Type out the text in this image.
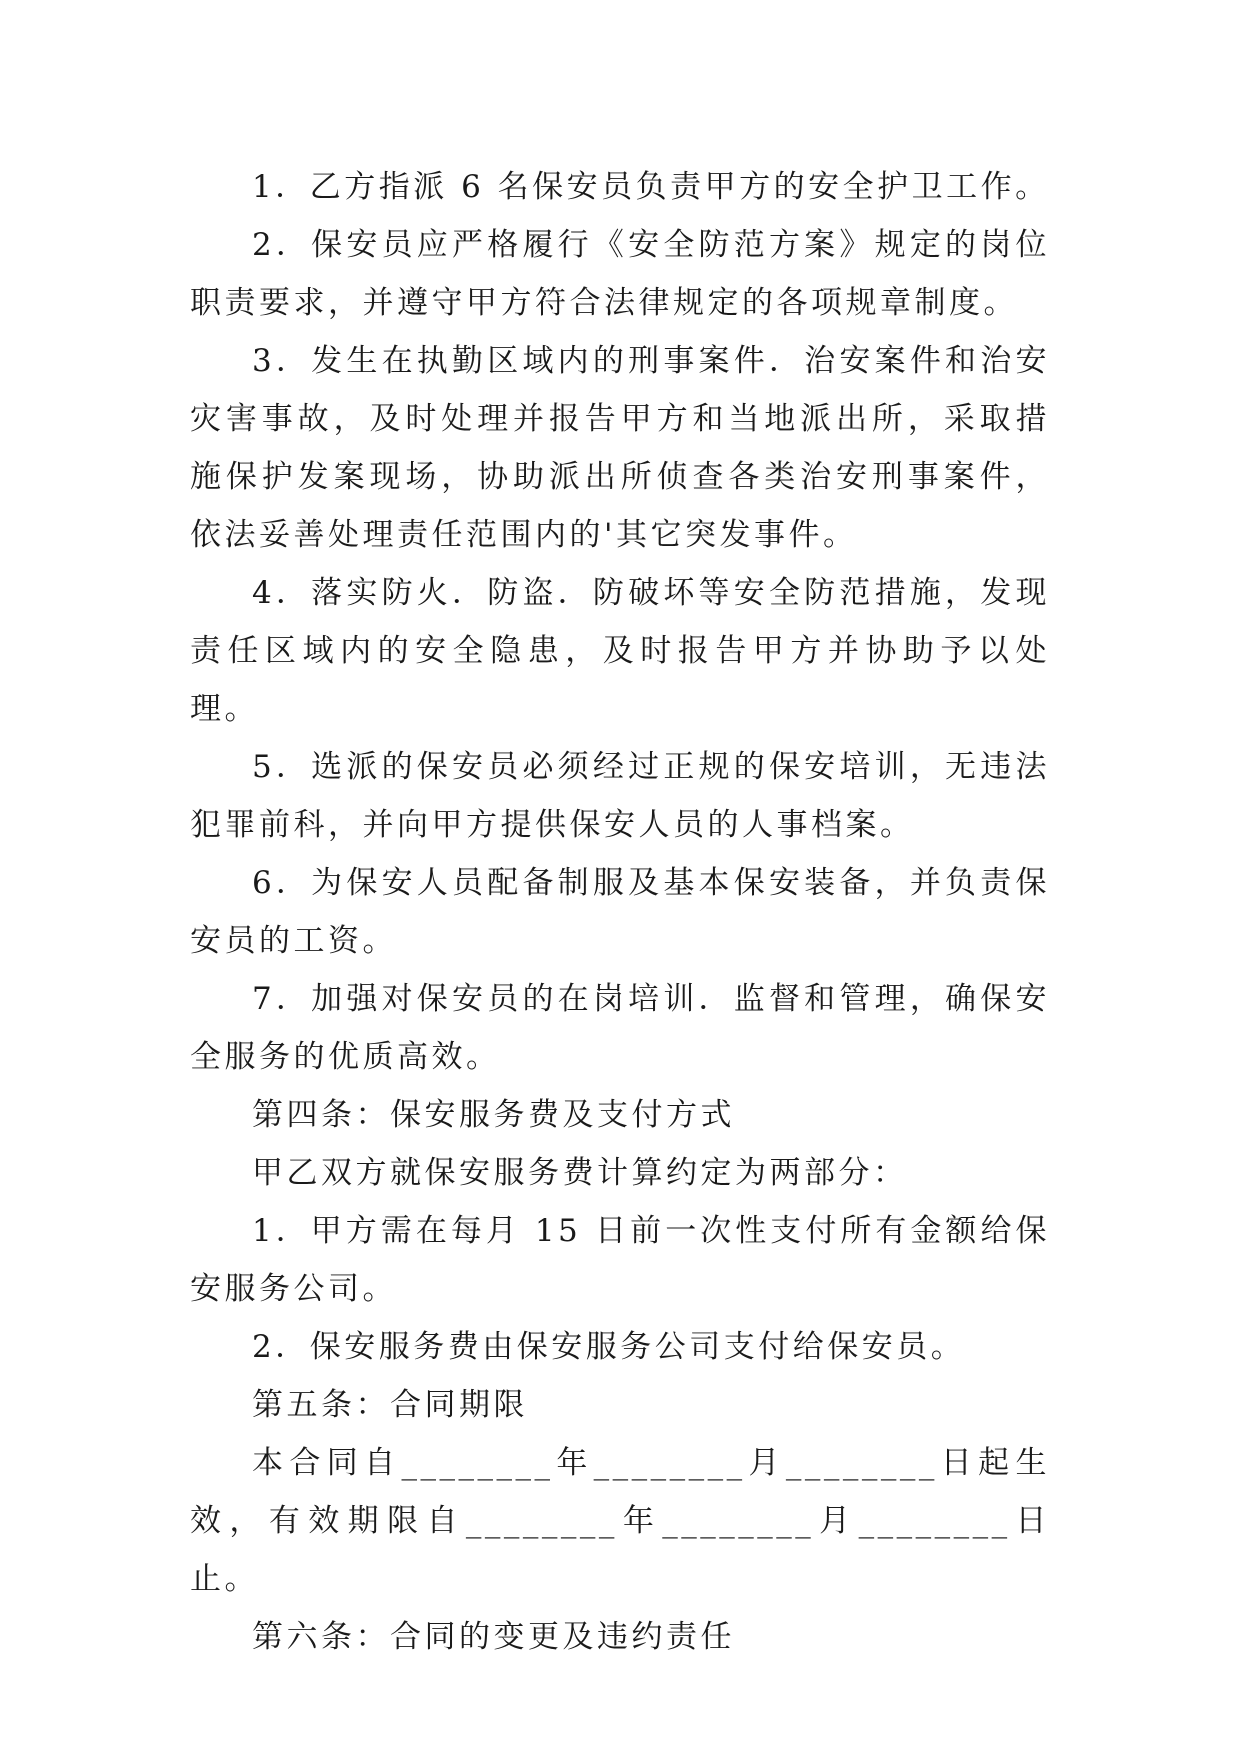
1．乙方指派 6 名保安员负责甲方的安全护卫工作。

2．保安员应严格履行《安全防范方案》规定的岗位职责要求，并遵守甲方符合法律规定的各项规章制度。

3．发生在执勤区域内的刑事案件．治安案件和治安灾害事故，及时处理并报告甲方和当地派出所，采取措施保护发案现场，协助派出所侦查各类治安刑事案件，依法妥善处理责任范围内的'其它突发事件。

4．落实防火．防盗．防破坏等安全防范措施，发现责任区域内的安全隐患，及时报告甲方并协助予以处理。

5．选派的保安员必须经过正规的保安培训，无违法犯罪前科，并向甲方提供保安人员的人事档案。

6．为保安人员配备制服及基本保安装备，并负责保安员的工资。

7．加强对保安员的在岗培训．监督和管理，确保安全服务的优质高效。

第四条：保安服务费及支付方式

甲乙双方就保安服务费计算约定为两部分：

1．甲方需在每月 15 日前一次性支付所有金额给保安服务公司。

2．保安服务费由保安服务公司支付给保安员。

第五条：合同期限

本合同自________年________月________日起生效，有效期限自________年________月________日止。

第六条：合同的变更及违约责任
